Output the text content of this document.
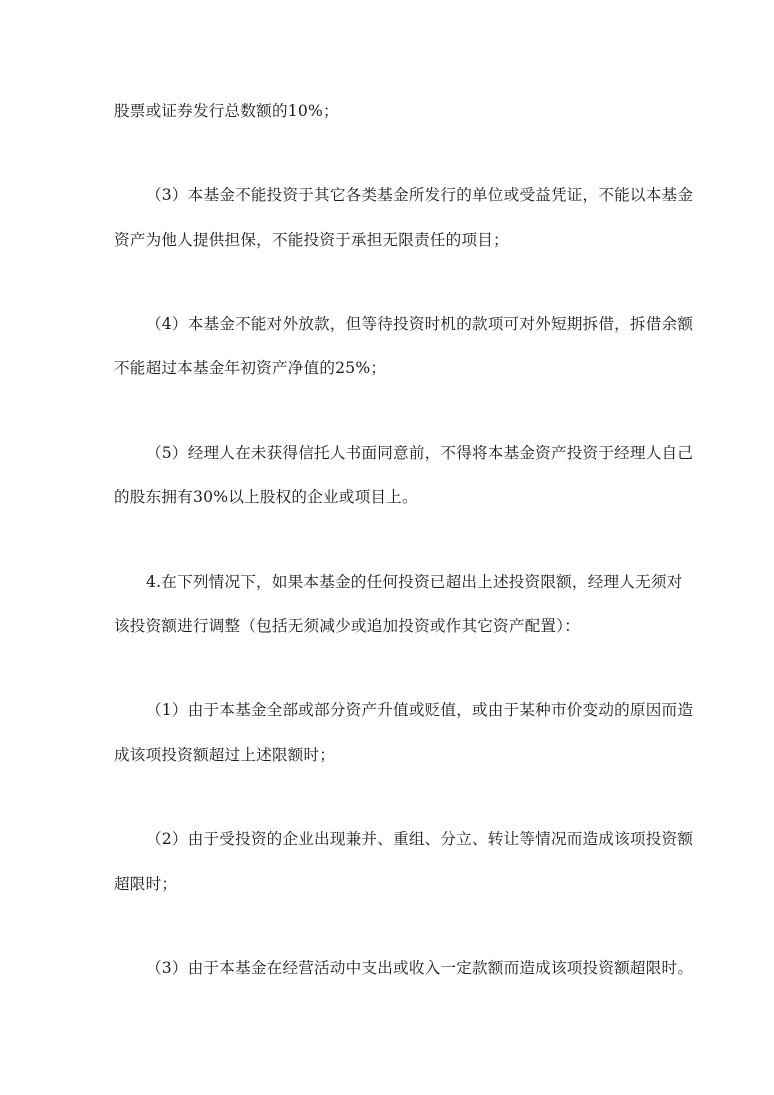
股票或证券发行总数额的10%；
（3）本基金不能投资于其它各类基金所发行的单位或受益凭证，不能以本基金
资产为他人提供担保，不能投资于承担无限责任的项目；
（4）本基金不能对外放款，但等待投资时机的款项可对外短期拆借，拆借余额
不能超过本基金年初资产净值的25%；
（5）经理人在未获得信托人书面同意前，不得将本基金资产投资于经理人自己
的股东拥有30%以上股权的企业或项目上。
4.在下列情况下，如果本基金的任何投资已超出上述投资限额，经理人无须对
该投资额进行调整（包括无须减少或追加投资或作其它资产配置）：
（1）由于本基金全部或部分资产升值或贬值，或由于某种市价变动的原因而造
成该项投资额超过上述限额时；
（2）由于受投资的企业出现兼并、重组、分立、转让等情况而造成该项投资额
超限时；
（3）由于本基金在经营活动中支出或收入一定款额而造成该项投资额超限时。
